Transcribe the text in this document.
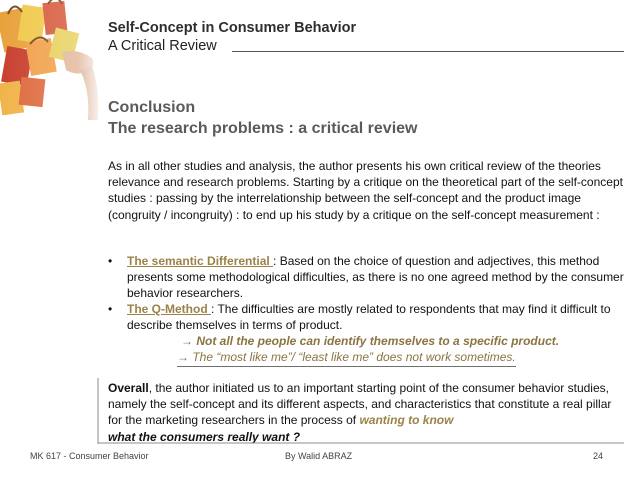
Self-Concept in Consumer Behavior
A Critical Review
Conclusion
The research problems : a critical review
As in all other studies and analysis, the author presents his own critical review of the theories relevance and research problems. Starting by a critique on the theoretical part of the self-concept studies : passing by the interrelationship between the self-concept and the product image (congruity / incongruity) : to end up his study by a critique on the self-concept measurement :
• The semantic Differential : Based on the choice of question and adjectives, this method presents some methodological difficulties, as there is no one agreed method by the consumer behavior researchers.
• The Q-Method : The difficulties are mostly related to respondents that may find it difficult to describe themselves in terms of product.
→ Not all the people can identify themselves to a specific product.
→ The “most like me”/ “least like me” does not work sometimes.
Overall, the author initiated us to an important starting point of the consumer behavior studies, namely the self-concept and its different aspects, and characteristics that constitute a real pillar for the marketing researchers in the process of wanting to know
what the consumers really want ?
MK 617 - Consumer Behavior	By Walid ABRAZ	24
